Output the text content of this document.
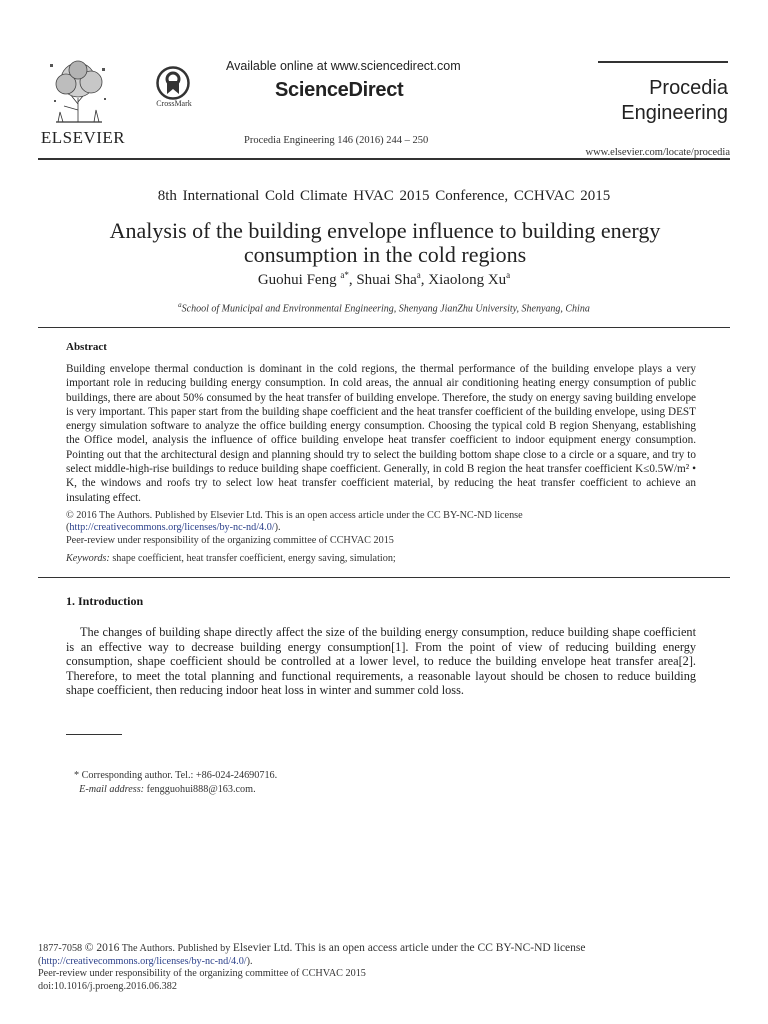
ELSEVIER
CrossMark
Available online at www.sciencedirect.com
ScienceDirect
Procedia Engineering 146 (2016) 244 – 250
Procedia
Engineering
www.elsevier.com/locate/procedia
8th International Cold Climate HVAC 2015 Conference, CCHVAC 2015
Analysis of the building envelope influence to building energy
consumption in the cold regions
Guohui Feng $^{a*}$, Shuai Sha$^a$, Xiaolong Xu$^a$
$^a$School of Municipal and Environmental Engineering, Shenyang JianZhu University, Shenyang, China
Abstract
Building envelope thermal conduction is dominant in the cold regions, the thermal performance of the building envelope plays a very important role in reducing building energy consumption. In cold areas, the annual air conditioning heating energy consumption of public buildings, there are about 50% consumed by the heat transfer of building envelope. Therefore, the study on energy saving building envelope is very important. This paper start from the building shape coefficient and the heat transfer coefficient of the building envelope, using DEST energy simulation software to analyze the office building energy consumption. Choosing the typical cold B region Shenyang, establishing the Office model, analysis the influence of office building envelope heat transfer coefficient to indoor equipment energy consumption. Pointing out that the architectural design and planning should try to select the building bottom shape close to a circle or a square, and try to select middle-high-rise buildings to reduce building shape coefficient. Generally, in cold B region the heat transfer coefficient K≤0.5W/m² • K, the windows and roofs try to select low heat transfer coefficient material, by reducing the heat transfer coefficient to achieve an insulating effect.
© 2016 The Authors. Published by Elsevier Ltd. This is an open access article under the CC BY-NC-ND license
(http://creativecommons.org/licenses/by-nc-nd/4.0/).
Peer-review under responsibility of the organizing committee of CCHVAC 2015
Keywords: shape coefficient, heat transfer coefficient, energy saving, simulation;
1. Introduction
The changes of building shape directly affect the size of the building energy consumption, reduce building shape coefficient is an effective way to decrease building energy consumption[1]. From the point of view of reducing building energy consumption, shape coefficient should be controlled at a lower level, to reduce the building envelope heat transfer area[2]. Therefore, to meet the total planning and functional requirements, a reasonable layout should be chosen to reduce building shape coefficient, then reducing indoor heat loss in winter and summer cold loss.
* Corresponding author. Tel.: +86-024-24690716.
E-mail address: fengguohui888@163.com.
1877-7058 © 2016 The Authors. Published by Elsevier Ltd. This is an open access article under the CC BY-NC-ND license
(http://creativecommons.org/licenses/by-nc-nd/4.0/).
Peer-review under responsibility of the organizing committee of CCHVAC 2015
doi:10.1016/j.proeng.2016.06.382
